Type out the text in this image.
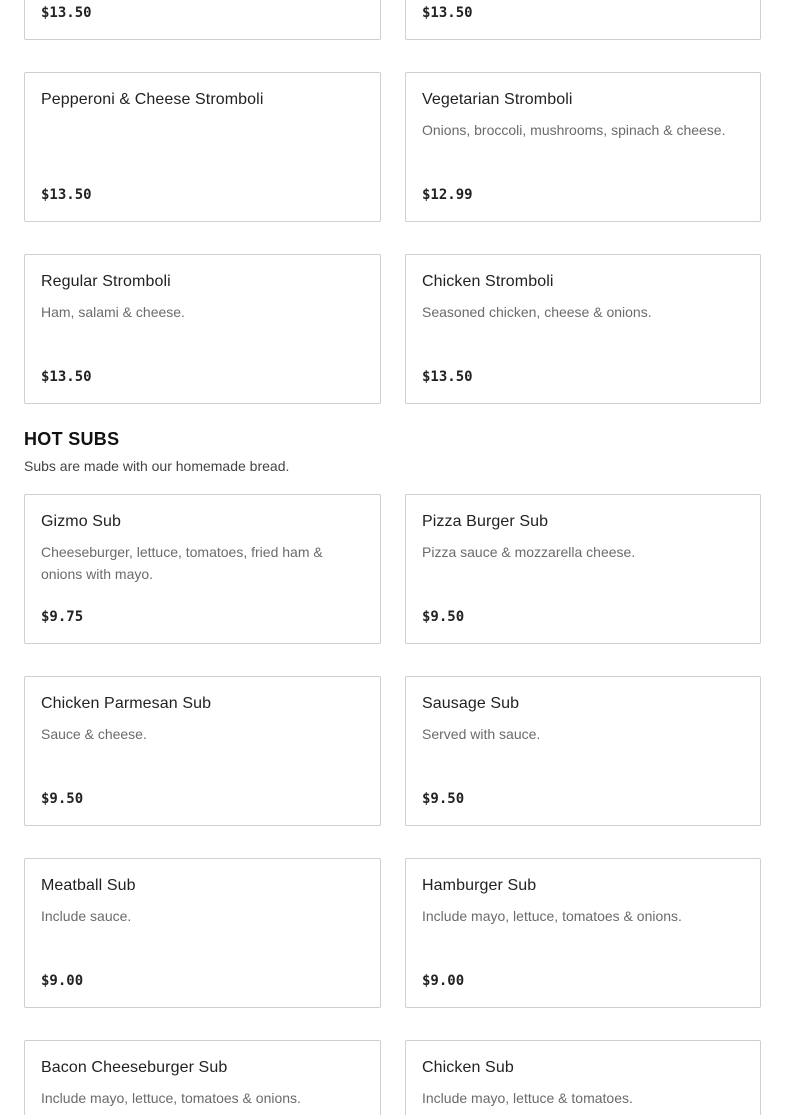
$13.50	$13.50
Pepperoni & Cheese Stromboli
$13.50
Vegetarian Stromboli
Onions, broccoli, mushrooms, spinach & cheese.
$12.99
Regular Stromboli
Ham, salami & cheese.
$13.50
Chicken Stromboli
Seasoned chicken, cheese & onions.
$13.50
HOT SUBS

Subs are made with our homemade bread.

Gizmo Sub
Cheeseburger, lettuce, tomatoes, fried ham & onions with mayo.
$9.75
Pizza Burger Sub
Pizza sauce & mozzarella cheese.
$9.50
Chicken Parmesan Sub
Sauce & cheese.
$9.50
Sausage Sub
Served with sauce.
$9.50
Meatball Sub
Include sauce.
$9.00
Hamburger Sub
Include mayo, lettuce, tomatoes & onions.
$9.00
Bacon Cheeseburger Sub
Include mayo, lettuce, tomatoes & onions.
Chicken Sub
Include mayo, lettuce & tomatoes.
